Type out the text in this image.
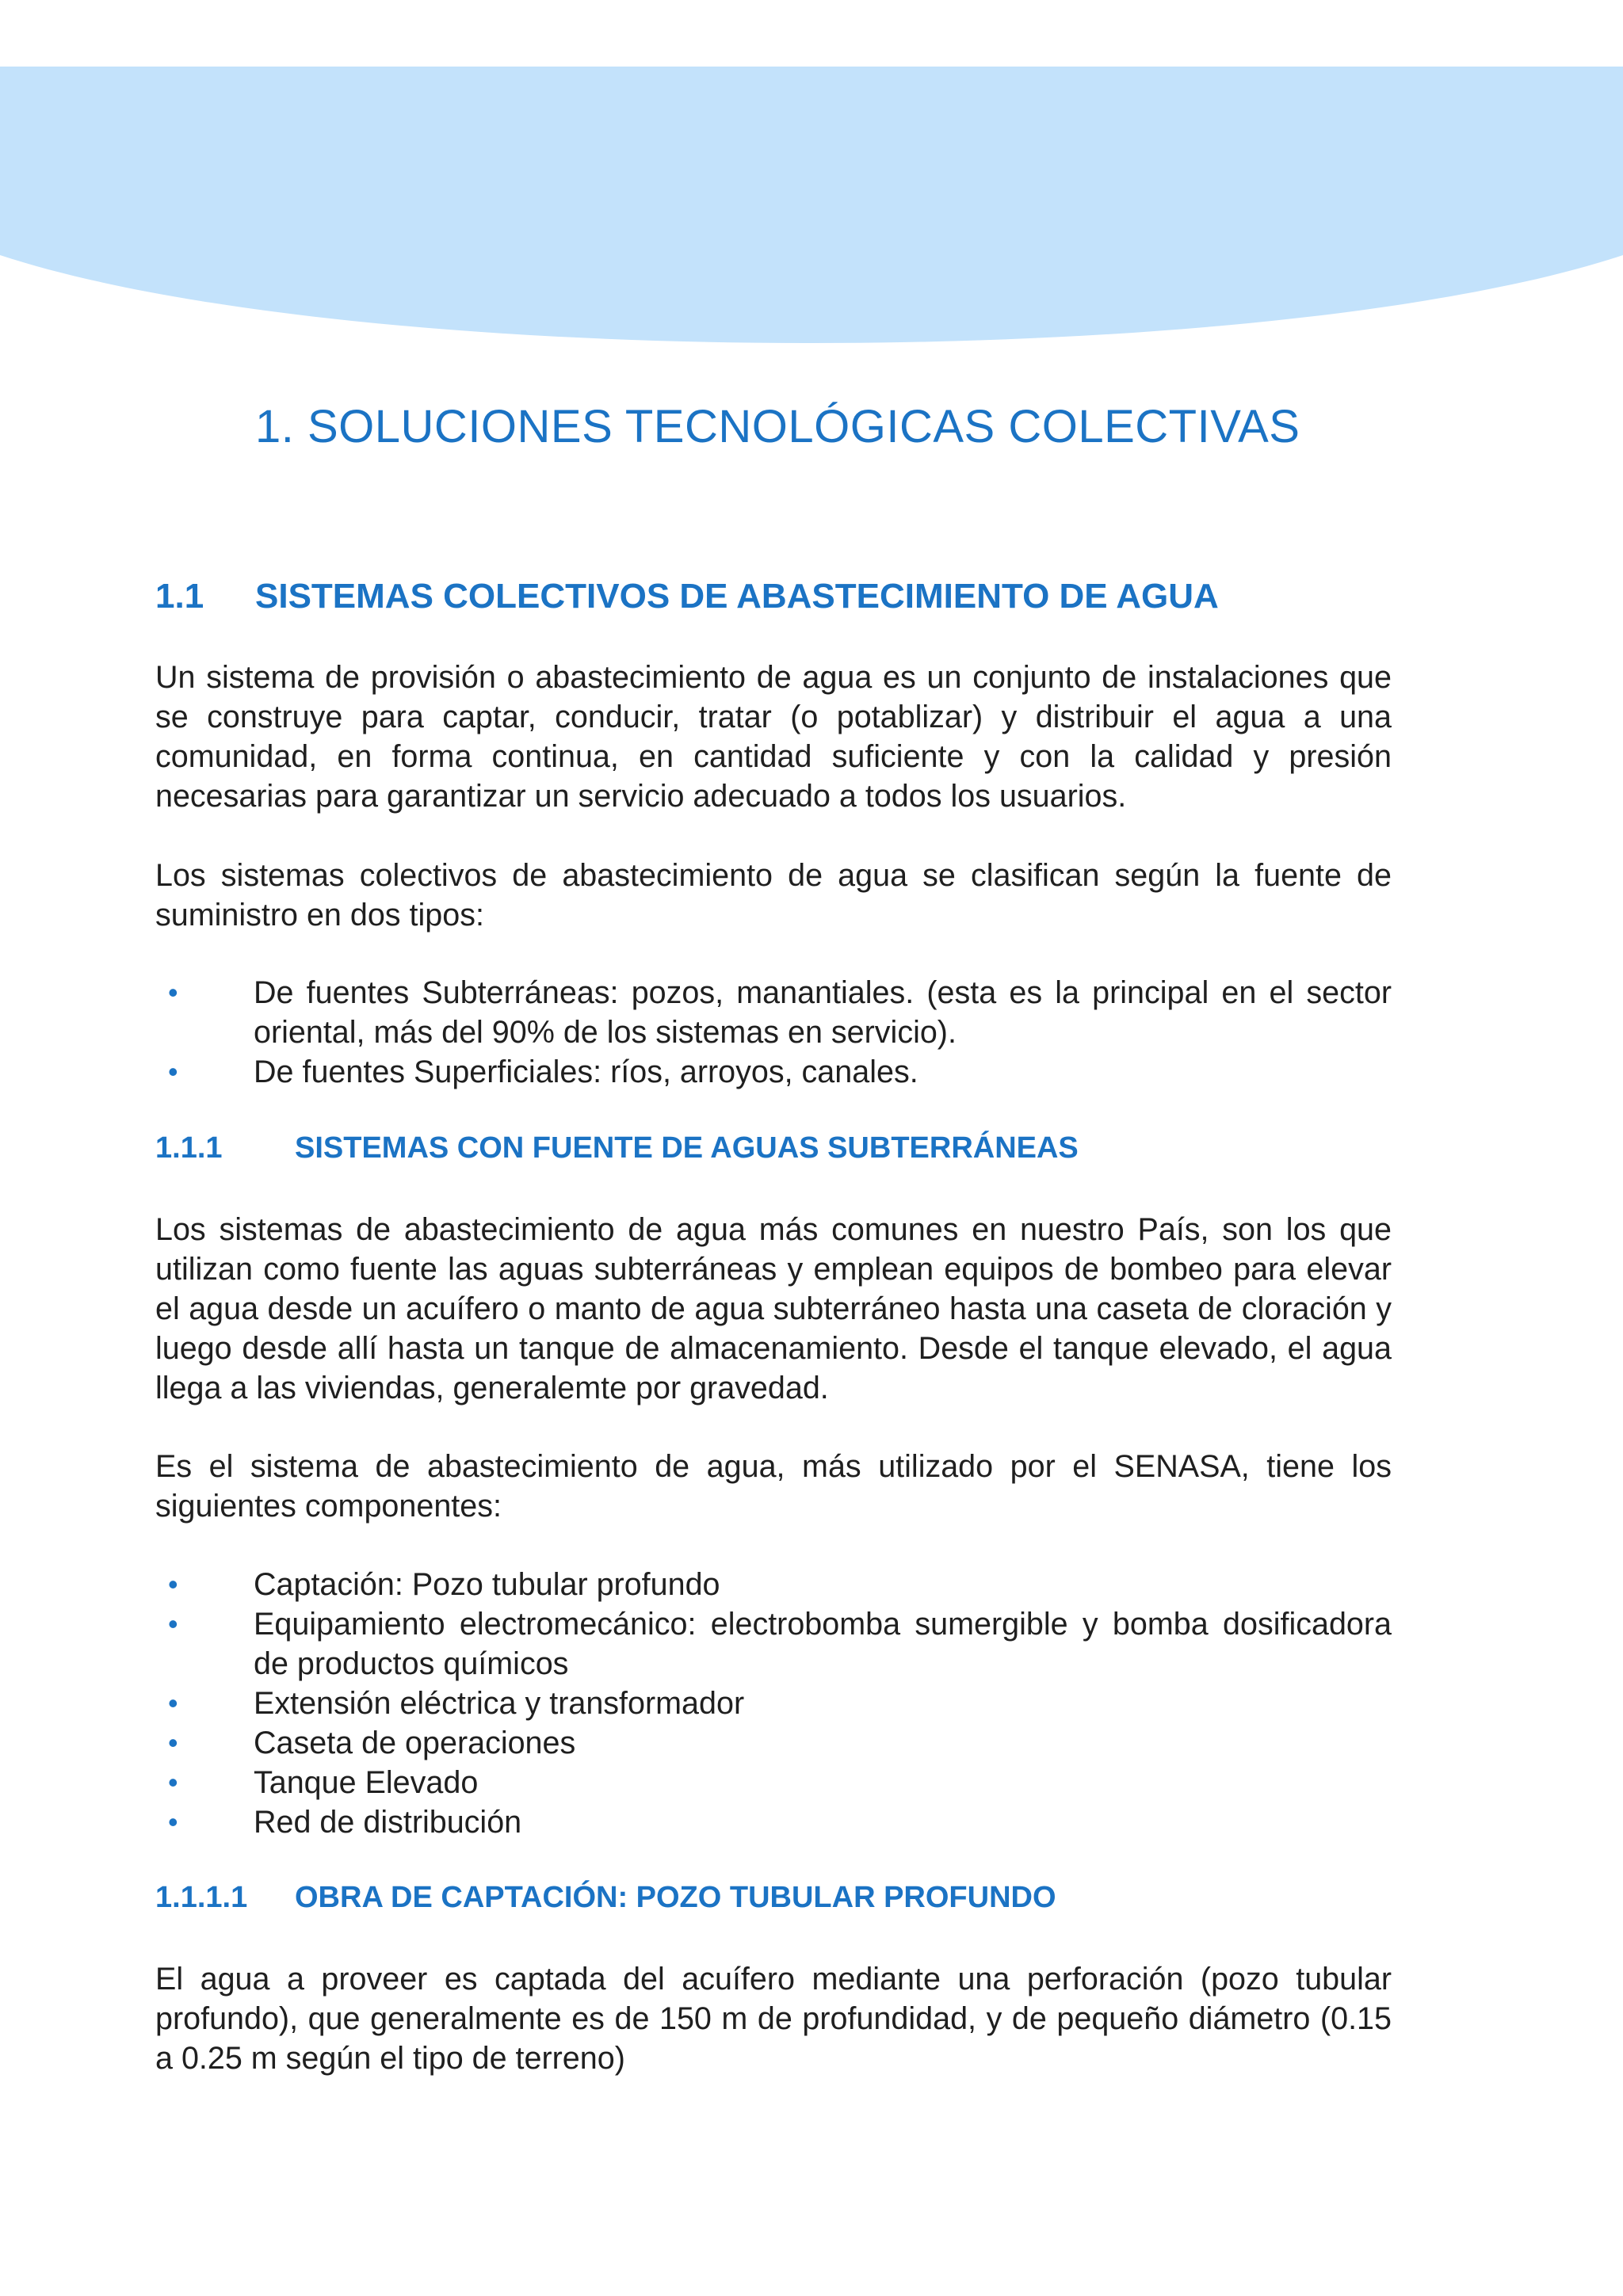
1. SOLUCIONES TECNOLÓGICAS COLECTIVAS
1.1 SISTEMAS COLECTIVOS DE ABASTECIMIENTO DE AGUA

Un sistema de provisión o abastecimiento de agua es un conjunto de instalaciones que se construye para captar, conducir, tratar (o potablizar) y distribuir el agua a una comunidad, en forma continua, en cantidad suficiente y con la calidad y presión necesarias para garantizar un servicio adecuado a todos los usuarios.

Los sistemas colectivos de abastecimiento de agua se clasifican según la fuente de suministro en dos tipos:

• De fuentes Subterráneas: pozos, manantiales. (esta es la principal en el sector oriental, más del 90% de los sistemas en servicio).
• De fuentes Superficiales: ríos, arroyos, canales.
1.1.1 SISTEMAS CON FUENTE DE AGUAS SUBTERRÁNEAS

Los sistemas de abastecimiento de agua más comunes en nuestro País, son los que utilizan como fuente las aguas subterráneas y emplean equipos de bombeo para elevar el agua desde un acuífero o manto de agua subterráneo hasta una caseta de cloración y luego desde allí hasta un tanque de almacenamiento. Desde el tanque elevado, el agua llega a las viviendas, generalemte por gravedad.

Es el sistema de abastecimiento de agua, más utilizado por el SENASA, tiene los siguientes componentes:

• Captación: Pozo tubular profundo
• Equipamiento electromecánico: electrobomba sumergible y bomba dosificadora de productos químicos
• Extensión eléctrica y transformador
• Caseta de operaciones
• Tanque Elevado
• Red de distribución
1.1.1.1 OBRA DE CAPTACIÓN: POZO TUBULAR PROFUNDO

El agua a proveer es captada del acuífero mediante una perforación (pozo tubular profundo), que generalmente es de 150 m de profundidad, y de pequeño diámetro (0.15 a 0.25 m según el tipo de terreno)
